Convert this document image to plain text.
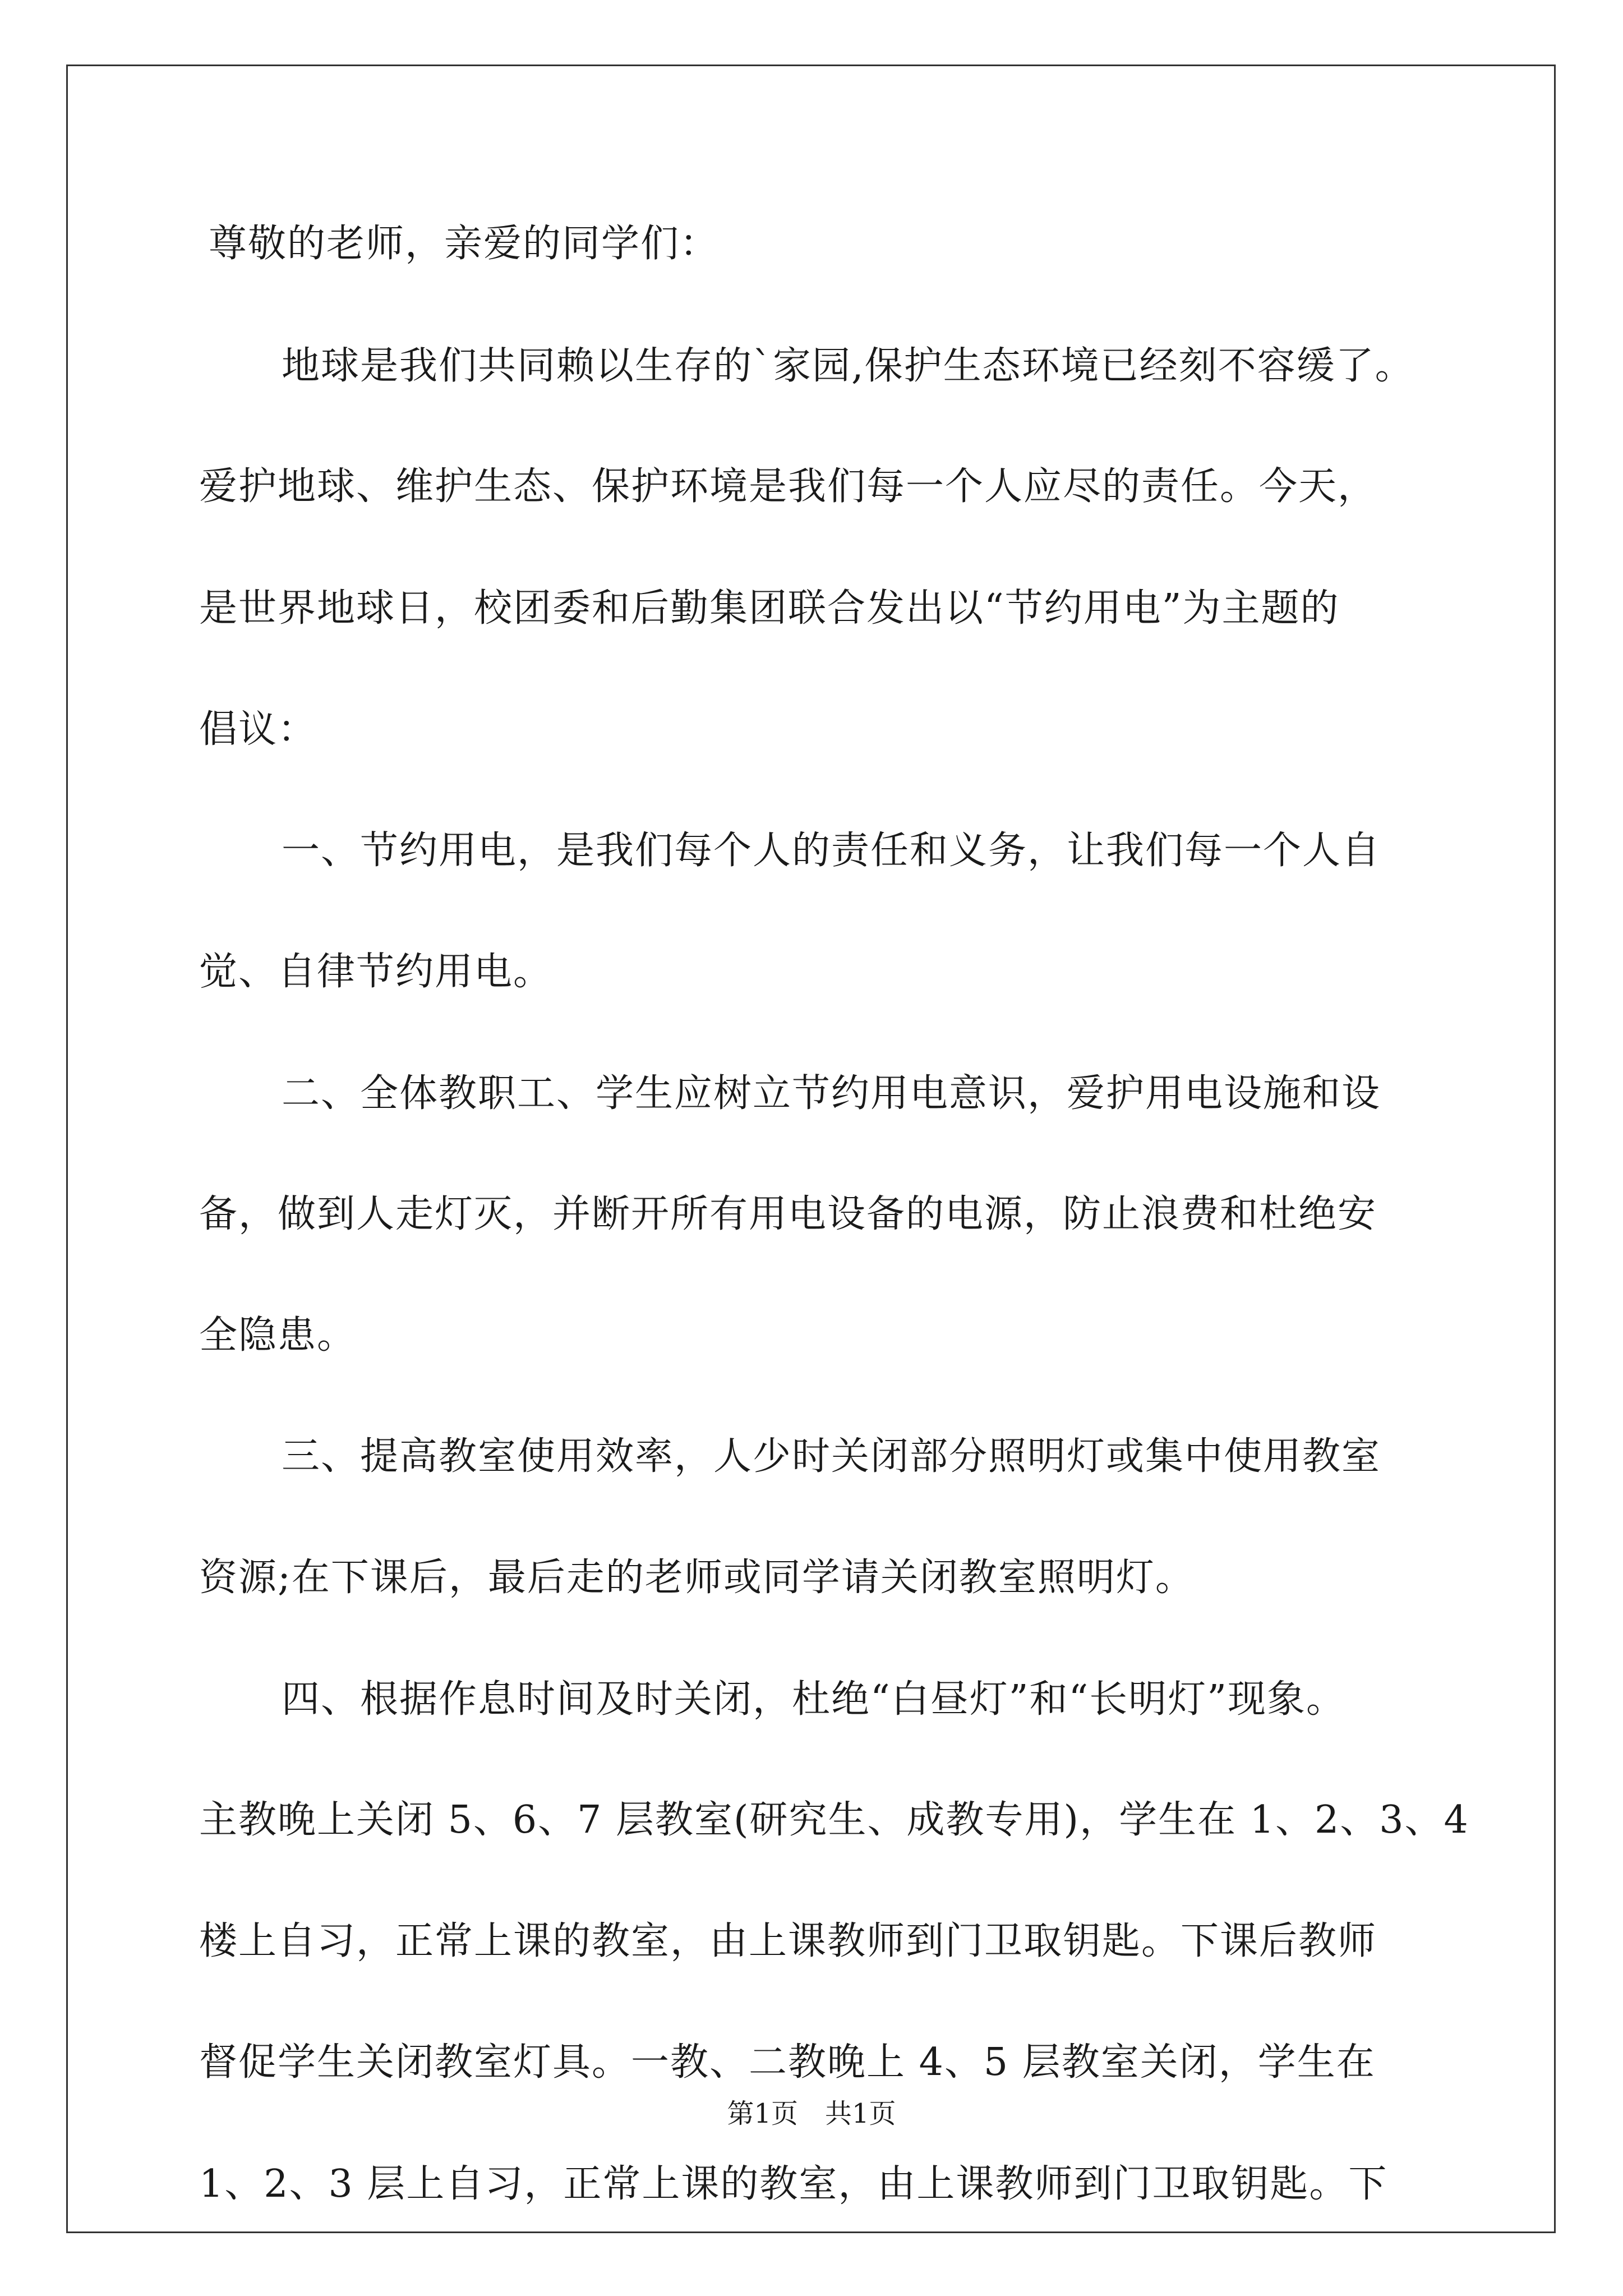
尊敬的老师，亲爱的同学们：
地球是我们共同赖以生存的`家园,保护生态环境已经刻不容缓了。
爱护地球、维护生态、保护环境是我们每一个人应尽的责任。今天，
是世界地球日，校团委和后勤集团联合发出以“节约用电”为主题的
倡议：
一、节约用电，是我们每个人的责任和义务，让我们每一个人自
觉、自律节约用电。
二、全体教职工、学生应树立节约用电意识，爱护用电设施和设
备，做到人走灯灭，并断开所有用电设备的电源，防止浪费和杜绝安
全隐患。
三、提高教室使用效率，人少时关闭部分照明灯或集中使用教室
资源;在下课后，最后走的老师或同学请关闭教室照明灯。
四、根据作息时间及时关闭，杜绝“白昼灯”和“长明灯”现象。
主教晚上关闭 5、6、7 层教室(研究生、成教专用)，学生在 1、2、3、4
楼上自习，正常上课的教室，由上课教师到门卫取钥匙。下课后教师
督促学生关闭教室灯具。一教、二教晚上 4、5 层教室关闭，学生在
1、2、3 层上自习，正常上课的教室，由上课教师到门卫取钥匙。下
第1页　共1页
